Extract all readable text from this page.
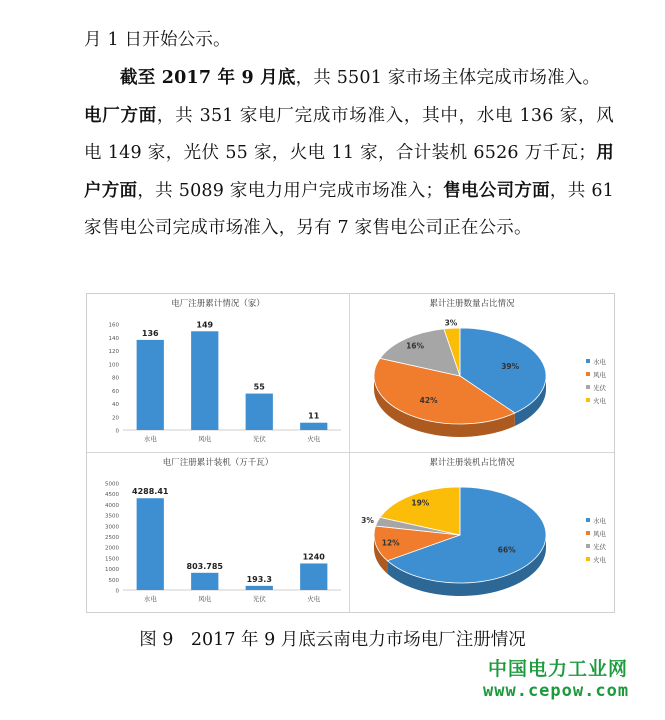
月 1 日开始公示。
截至 2017 年 9 月底，共 5501 家市场主体完成市场准入。
电厂方面，共 351 家电厂完成市场准入，其中，水电 136 家，风电 149 家，光伏 55 家，火电 11 家，合计装机 6526 万千瓦；用户方面，共 5089 家电力用户完成市场准入；售电公司方面，共 61 家售电公司完成市场准入，另有 7 家售电公司正在公示。
电厂注册累计情况（家）
0
20
40
60
80
100
120
140
160
136
水电
149
风电
55
光伏
11
火电
累计注册数量占比情况
39%
42%
16%
3%
水电
风电
光伏
火电
电厂注册累计装机（万千瓦）
0
500
1000
1500
2000
2500
3000
3500
4000
4500
5000
4288.41
水电
803.785
风电
193.3
光伏
1240
火电
累计注册装机占比情况
66%
12%
3%
19%
水电
风电
光伏
火电
图 9　2017 年 9 月底云南电力市场电厂注册情况
中国电力工业网
www.cepow.com
